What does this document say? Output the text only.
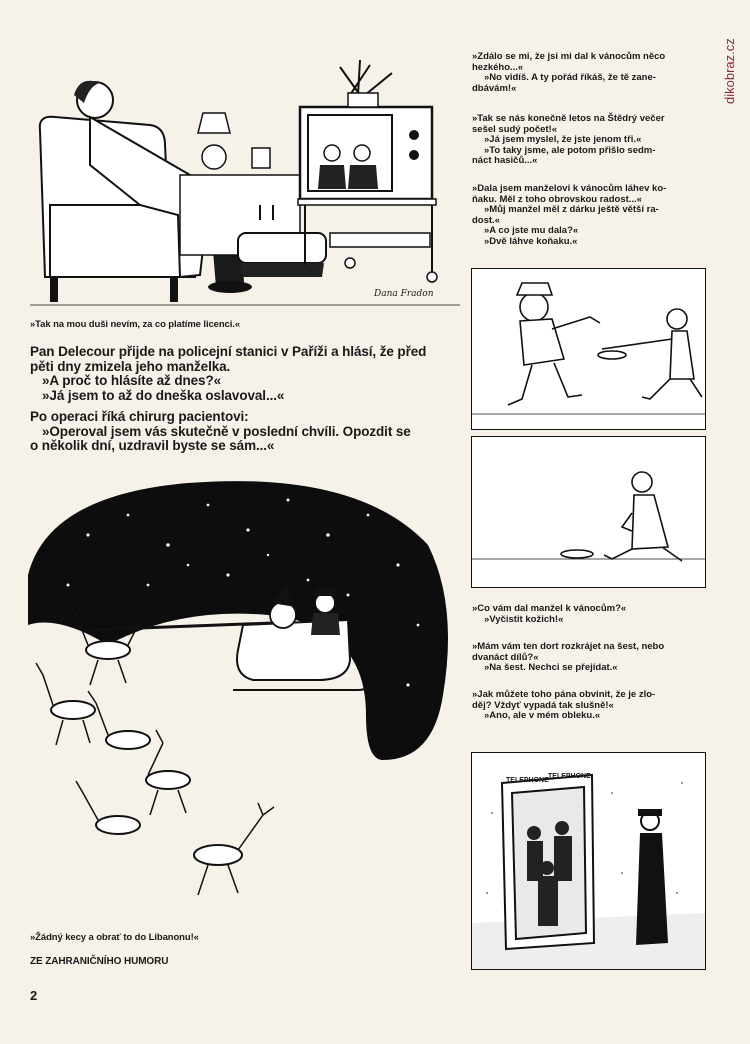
dikobraz.cz
Dana Fradon
»Tak na mou duši nevím, za co platíme licenci.«

Pan Delecour přijde na policejní stanici v Paříži a hlásí, že před

pěti dny zmizela jeho manželka.

»A proč to hlásíte až dnes?«

»Já jsem to až do dneška oslavoval...«

Po operaci říká chirurg pacientovi:

»Operoval jsem vás skutečně v poslední chvíli. Opozdit se

o několik dní, uzdravil byste se sám...«

»Žádný kecy a obrať to do Libanonu!«
ZE ZAHRANIČNÍHO HUMORU
2

»Zdálo se mi, že jsi mi dal k vánocům něco

hezkého...«

»No vidíš. A ty pořád říkáš, že tě zane-

dbávám!«

»Tak se nás konečně letos na Štědrý večer

sešel sudý počet!«

»Já jsem myslel, že jste jenom tři.«

»To taky jsme, ale potom přišlo sedm-

náct hasičů...«

»Dala jsem manželovi k vánocům láhev ko-

ňaku. Měl z toho obrovskou radost...«

»Můj manžel měl z dárku ještě větší ra-

dost.«

»A co jste mu dala?«

»Dvě láhve koňaku.«

»Co vám dal manžel k vánocům?«

»Vyčistit kožich!«

»Mám vám ten dort rozkrájet na šest, nebo

dvanáct dílů?«

»Na šest. Nechci se přejídat.«

»Jak můžete toho pána obvinit, že je zlo-

děj? Vždyť vypadá tak slušně!«

»Ano, ale v mém obleku.«

TELEPHONE
TELEPHONE
